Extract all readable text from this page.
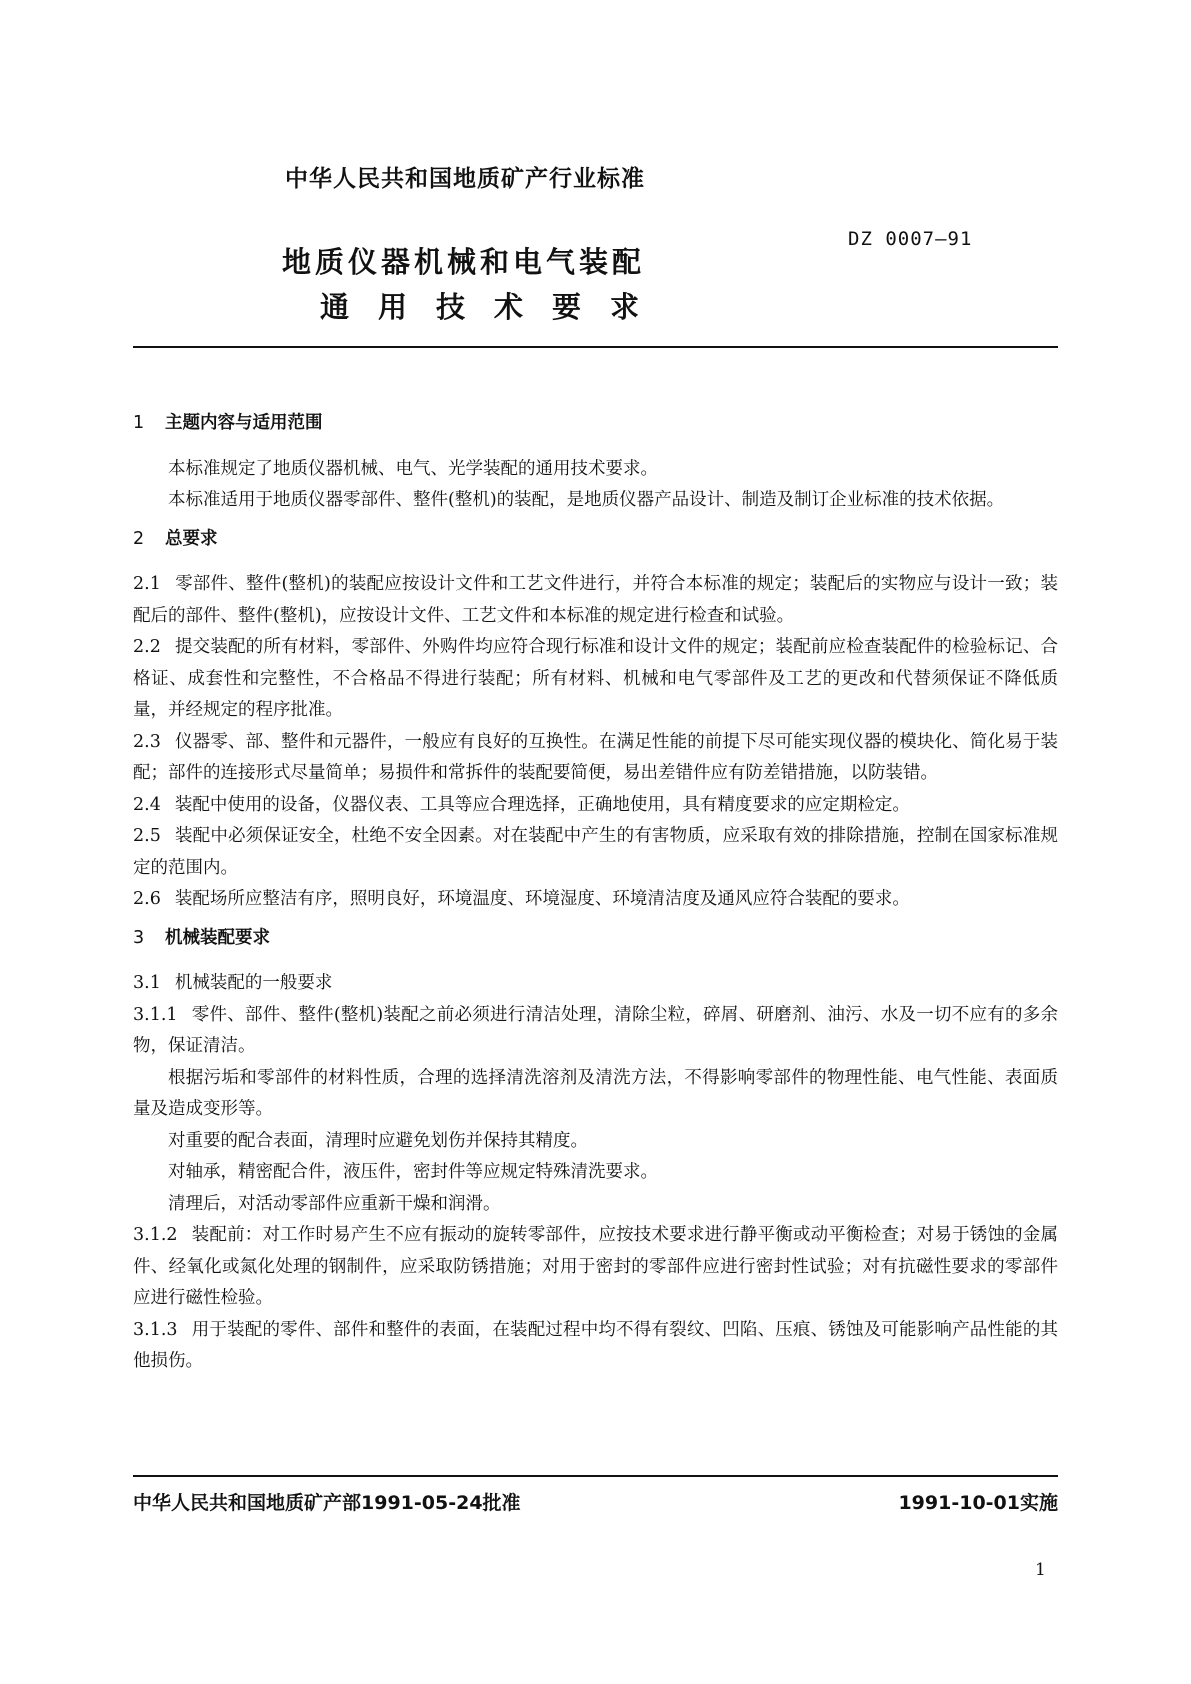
中华人民共和国地质矿产行业标准
DZ 0007—91
地质仪器机械和电气装配
通用技术要求

1 主题内容与适用范围

本标准规定了地质仪器机械、电气、光学装配的通用技术要求。

本标准适用于地质仪器零部件、整件(整机)的装配，是地质仪器产品设计、制造及制订企业标准的技术依据。

2 总要求

2.1 零部件、整件(整机)的装配应按设计文件和工艺文件进行，并符合本标准的规定；装配后的实物应与设计一致；装配后的部件、整件(整机)，应按设计文件、工艺文件和本标准的规定进行检查和试验。

2.2 提交装配的所有材料，零部件、外购件均应符合现行标准和设计文件的规定；装配前应检查装配件的检验标记、合格证、成套性和完整性，不合格品不得进行装配；所有材料、机械和电气零部件及工艺的更改和代替须保证不降低质量，并经规定的程序批准。

2.3 仪器零、部、整件和元器件，一般应有良好的互换性。在满足性能的前提下尽可能实现仪器的模块化、简化易于装配；部件的连接形式尽量简单；易损件和常拆件的装配要简便，易出差错件应有防差错措施，以防装错。

2.4 装配中使用的设备，仪器仪表、工具等应合理选择，正确地使用，具有精度要求的应定期检定。

2.5 装配中必须保证安全，杜绝不安全因素。对在装配中产生的有害物质，应采取有效的排除措施，控制在国家标准规定的范围内。

2.6 装配场所应整洁有序，照明良好，环境温度、环境湿度、环境清洁度及通风应符合装配的要求。

3 机械装配要求

3.1 机械装配的一般要求

3.1.1 零件、部件、整件(整机)装配之前必须进行清洁处理，清除尘粒，碎屑、研磨剂、油污、水及一切不应有的多余物，保证清洁。

根据污垢和零部件的材料性质，合理的选择清洗溶剂及清洗方法，不得影响零部件的物理性能、电气性能、表面质量及造成变形等。

对重要的配合表面，清理时应避免划伤并保持其精度。

对轴承，精密配合件，液压件，密封件等应规定特殊清洗要求。

清理后，对活动零部件应重新干燥和润滑。

3.1.2 装配前：对工作时易产生不应有振动的旋转零部件，应按技术要求进行静平衡或动平衡检查；对易于锈蚀的金属件、经氧化或氮化处理的钢制件，应采取防锈措施；对用于密封的零部件应进行密封性试验；对有抗磁性要求的零部件应进行磁性检验。

3.1.3 用于装配的零件、部件和整件的表面，在装配过程中均不得有裂纹、凹陷、压痕、锈蚀及可能影响产品性能的其他损伤。

中华人民共和国地质矿产部1991-05-24批准	1991-10-01实施
1
